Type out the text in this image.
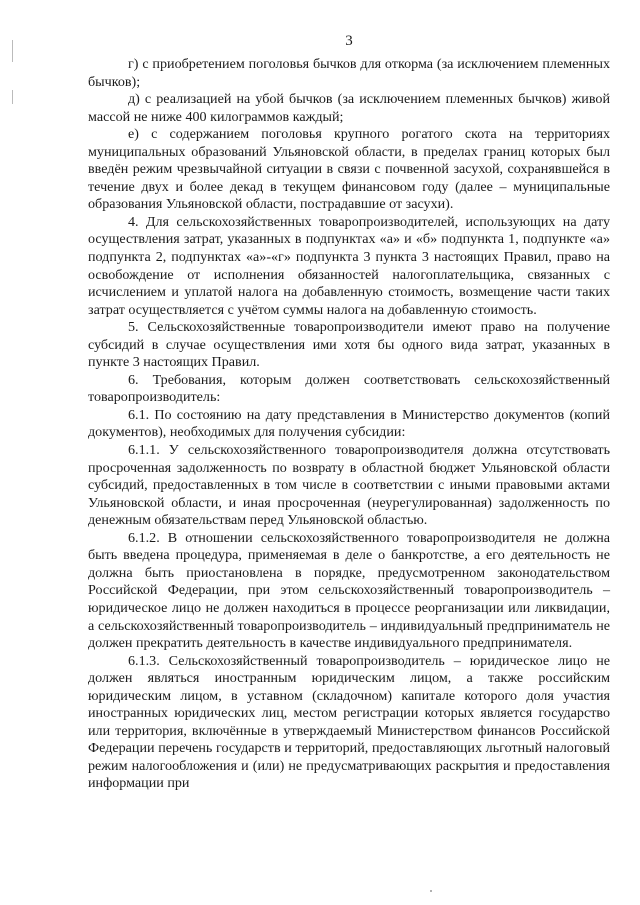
3

г) с приобретением поголовья бычков для откорма (за исключением племенных бычков);

д) с реализацией на убой бычков (за исключением племенных бычков) живой массой не ниже 400 килограммов каждый;

е) с содержанием поголовья крупного рогатого скота на территориях муниципальных образований Ульяновской области, в пределах границ которых был введён режим чрезвычайной ситуации в связи с почвенной засухой, сохранявшейся в течение двух и более декад в текущем финансовом году (далее – муниципальные образования Ульяновской области, пострадавшие от засухи).

4. Для сельскохозяйственных товаропроизводителей, использующих на дату осуществления затрат, указанных в подпунктах «а» и «б» подпункта 1, подпункте «а» подпункта 2, подпунктах «а»-«г» подпункта 3 пункта 3 настоящих Правил, право на освобождение от исполнения обязанностей налогоплательщика, связанных с исчислением и уплатой налога на добавленную стоимость, возмещение части таких затрат осуществляется с учётом суммы налога на добавленную стоимость.

5. Сельскохозяйственные товаропроизводители имеют право на получение субсидий в случае осуществления ими хотя бы одного вида затрат, указанных в пункте 3 настоящих Правил.

6. Требования, которым должен соответствовать сельскохозяйственный товаропроизводитель:

6.1. По состоянию на дату представления в Министерство документов (копий документов), необходимых для получения субсидии:

6.1.1. У сельскохозяйственного товаропроизводителя должна отсутствовать просроченная задолженность по возврату в областной бюджет Ульяновской области субсидий, предоставленных в том числе в соответствии с иными правовыми актами Ульяновской области, и иная просроченная (неурегулированная) задолженность по денежным обязательствам перед Ульяновской областью.

6.1.2. В отношении сельскохозяйственного товаропроизводителя не должна быть введена процедура, применяемая в деле о банкротстве, а его деятельность не должна быть приостановлена в порядке, предусмотренном законодательством Российской Федерации, при этом сельскохозяйственный товаропроизводитель – юридическое лицо не должен находиться в процессе реорганизации или ликвидации, а сельскохозяйственный товаропроизводитель – индивидуальный предприниматель не должен прекратить деятельность в качестве индивидуального предпринимателя.

6.1.3. Сельскохозяйственный товаропроизводитель – юридическое лицо не должен являться иностранным юридическим лицом, а также российским юридическим лицом, в уставном (складочном) капитале которого доля участия иностранных юридических лиц, местом регистрации которых является государство или территория, включённые в утверждаемый Министерством финансов Российской Федерации перечень государств и территорий, предоставляющих льготный налоговый режим налогообложения и (или) не предусматривающих раскрытия и предоставления информации при
